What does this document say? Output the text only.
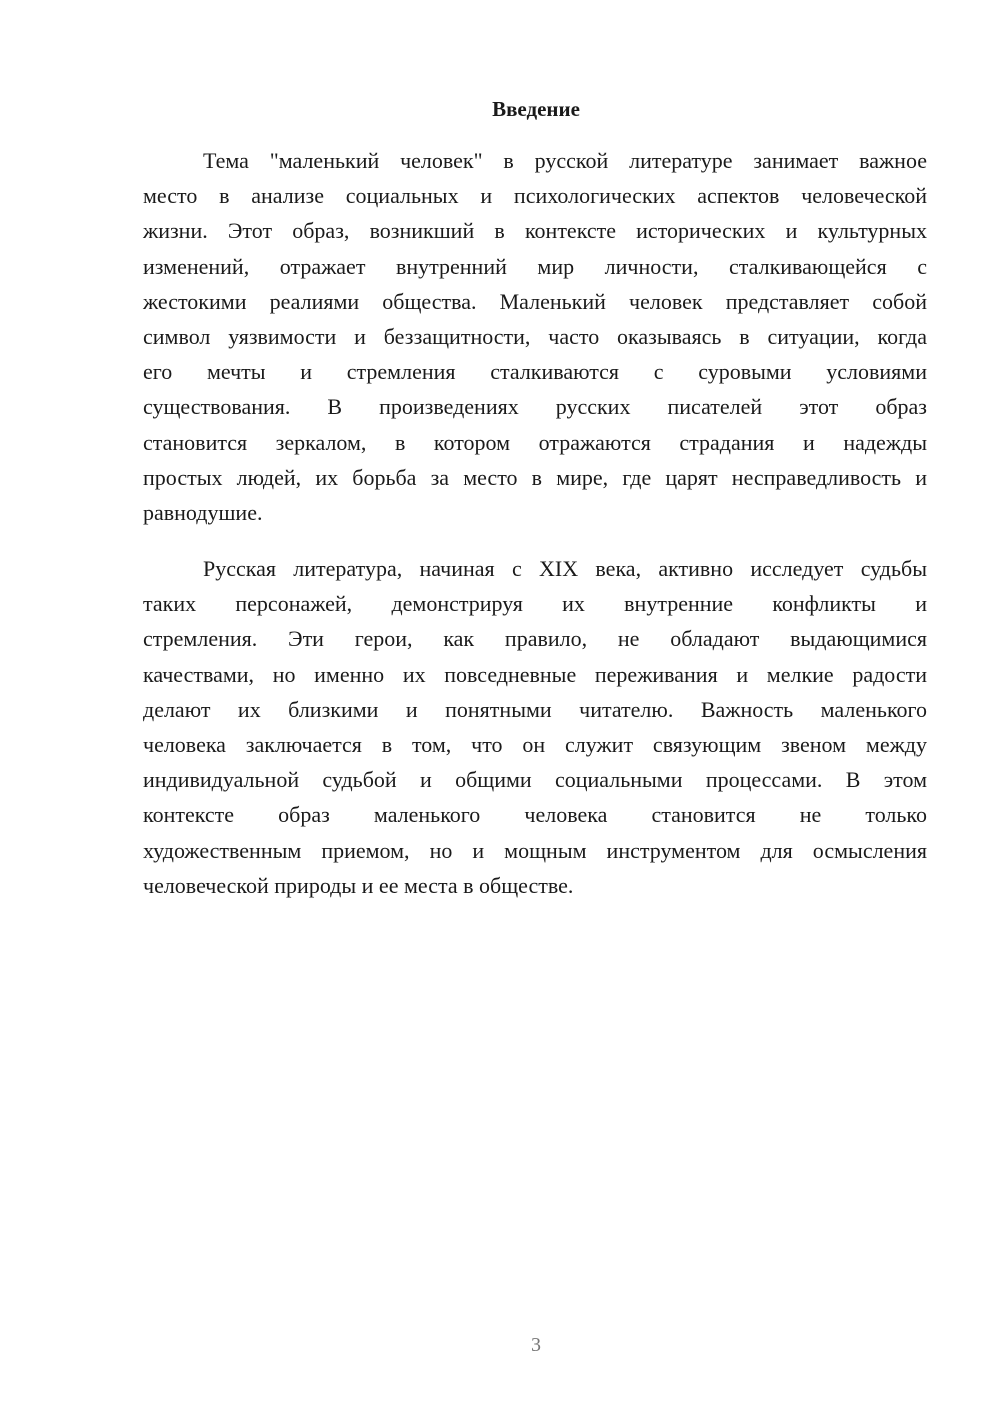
Введение
Тема "маленький человек" в русской литературе занимает важное
место в анализе социальных и психологических аспектов человеческой
жизни. Этот образ, возникший в контексте исторических и культурных
изменений, отражает внутренний мир личности, сталкивающейся с
жестокими реалиями общества. Маленький человек представляет собой
символ уязвимости и беззащитности, часто оказываясь в ситуации, когда
его мечты и стремления сталкиваются с суровыми условиями
существования. В произведениях русских писателей этот образ
становится зеркалом, в котором отражаются страдания и надежды
простых людей, их борьба за место в мире, где царят несправедливость и
равнодушие.
Русская литература, начиная с XIX века, активно исследует судьбы
таких персонажей, демонстрируя их внутренние конфликты и
стремления. Эти герои, как правило, не обладают выдающимися
качествами, но именно их повседневные переживания и мелкие радости
делают их близкими и понятными читателю. Важность маленького
человека заключается в том, что он служит связующим звеном между
индивидуальной судьбой и общими социальными процессами. В этом
контексте образ маленького человека становится не только
художественным приемом, но и мощным инструментом для осмысления
человеческой природы и ее места в обществе.
3
